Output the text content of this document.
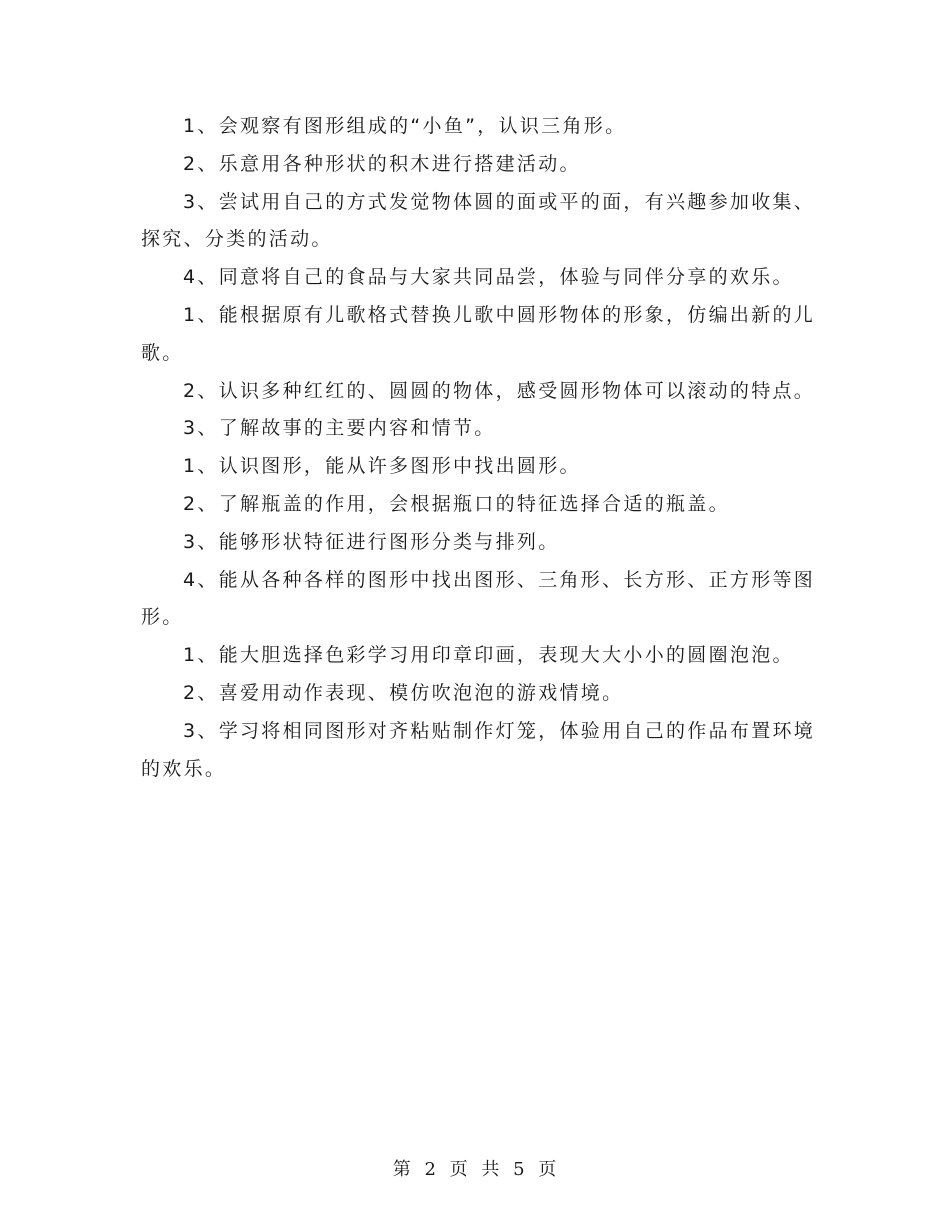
1、会观察有图形组成的“小鱼”，认识三角形。

2、乐意用各种形状的积木进行搭建活动。

3、尝试用自己的方式发觉物体圆的面或平的面，有兴趣参加收集、探究、分类的活动。

4、同意将自己的食品与大家共同品尝，体验与同伴分享的欢乐。

1、能根据原有儿歌格式替换儿歌中圆形物体的形象，仿编出新的儿歌。

2、认识多种红红的、圆圆的物体，感受圆形物体可以滚动的特点。

3、了解故事的主要内容和情节。

1、认识图形，能从许多图形中找出圆形。

2、了解瓶盖的作用，会根据瓶口的特征选择合适的瓶盖。

3、能够形状特征进行图形分类与排列。

4、能从各种各样的图形中找出图形、三角形、长方形、正方形等图形。

1、能大胆选择色彩学习用印章印画，表现大大小小的圆圈泡泡。

2、喜爱用动作表现、模仿吹泡泡的游戏情境。

3、学习将相同图形对齐粘贴制作灯笼，体验用自己的作品布置环境的欢乐。

第 2 页 共 5 页
